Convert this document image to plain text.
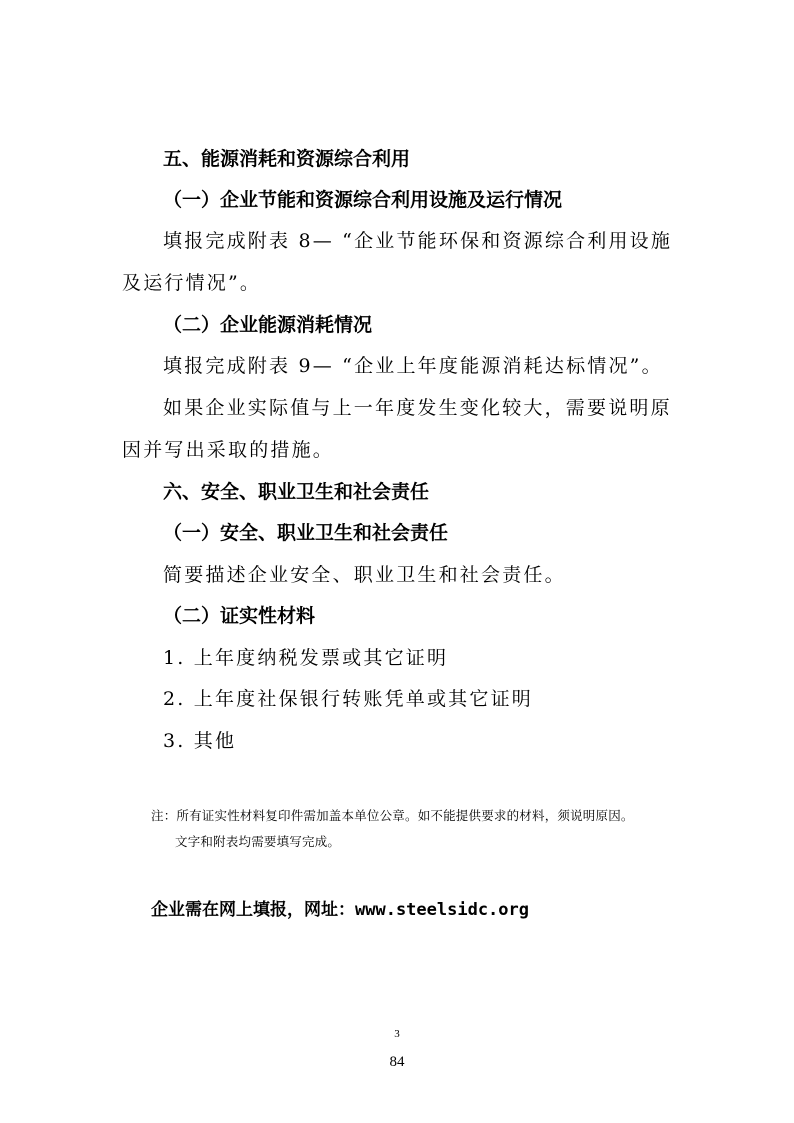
五、能源消耗和资源综合利用
（一）企业节能和资源综合利用设施及运行情况
填报完成附表 8— “企业节能环保和资源综合利用设施
及运行情况”。
（二）企业能源消耗情况
填报完成附表 9— “企业上年度能源消耗达标情况”。
如果企业实际值与上一年度发生变化较大，需要说明原
因并写出采取的措施。
六、安全、职业卫生和社会责任
（一）安全、职业卫生和社会责任
简要描述企业安全、职业卫生和社会责任。
（二）证实性材料
1. 上年度纳税发票或其它证明
2. 上年度社保银行转账凭单或其它证明
3. 其他
注：所有证实性材料复印件需加盖本单位公章。如不能提供要求的材料，须说明原因。
文字和附表均需要填写完成。
企业需在网上填报，网址：www.steelsidc.org
3
84
